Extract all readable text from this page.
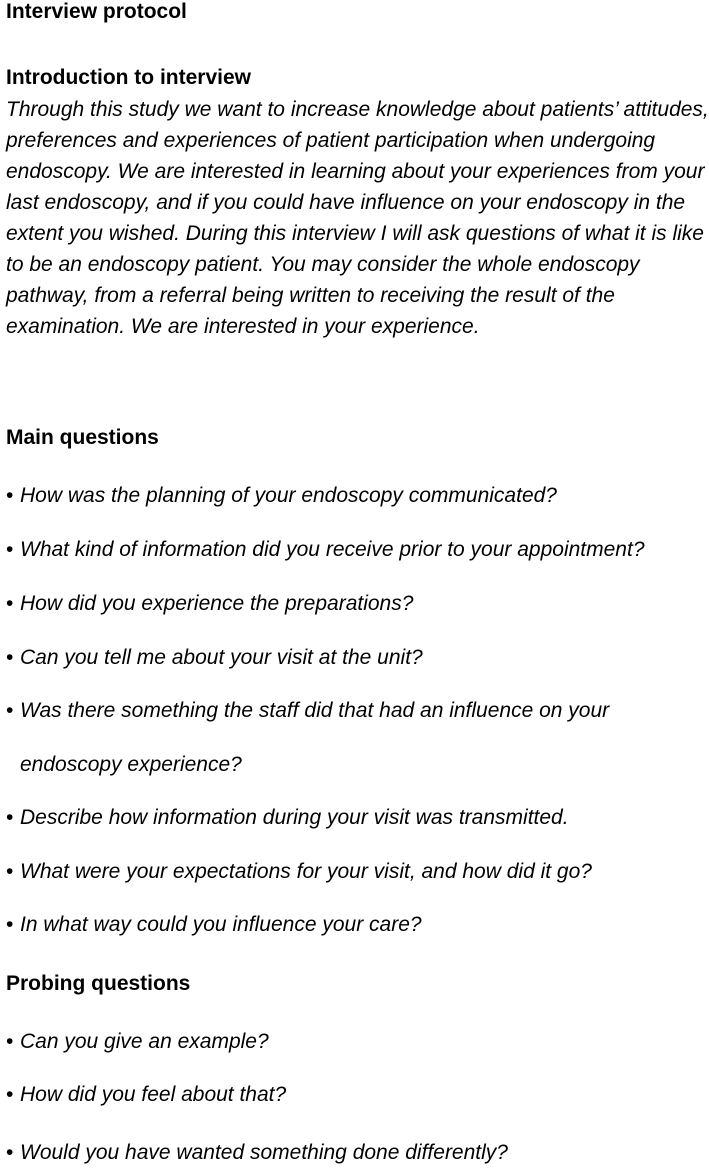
Interview protocol
Introduction to interview
Through this study we want to increase knowledge about patients’ attitudes, preferences and experiences of patient participation when undergoing endoscopy. We are interested in learning about your experiences from your last endoscopy, and if you could have influence on your endoscopy in the extent you wished. During this interview I will ask questions of what it is like to be an endoscopy patient. You may consider the whole endoscopy pathway, from a referral being written to receiving the result of the examination. We are interested in your experience.
Main questions
• How was the planning of your endoscopy communicated?
• What kind of information did you receive prior to your appointment?
• How did you experience the preparations?
• Can you tell me about your visit at the unit?
• Was there something the staff did that had an influence on your
endoscopy experience?
• Describe how information during your visit was transmitted.
• What were your expectations for your visit, and how did it go?
• In what way could you influence your care?
Probing questions
• Can you give an example?
• How did you feel about that?
• Would you have wanted something done differently?
